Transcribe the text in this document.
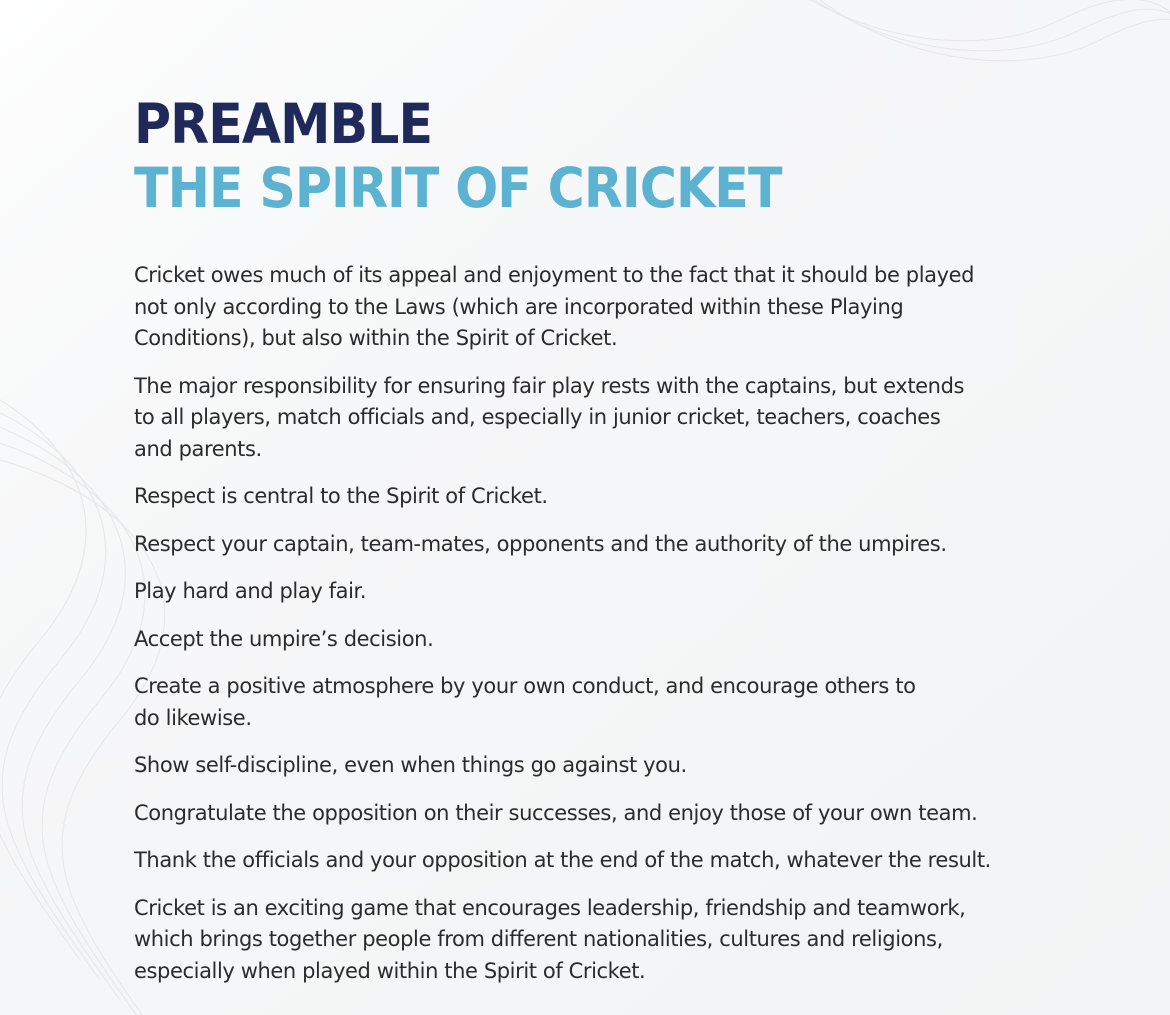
PREAMBLE
THE SPIRIT OF CRICKET

Cricket owes much of its appeal and enjoyment to the fact that it should be played
not only according to the Laws (which are incorporated within these Playing
Conditions), but also within the Spirit of Cricket.

The major responsibility for ensuring fair play rests with the captains, but extends
to all players, match officials and, especially in junior cricket, teachers, coaches
and parents.

Respect is central to the Spirit of Cricket.

Respect your captain, team-mates, opponents and the authority of the umpires.

Play hard and play fair.

Accept the umpire’s decision.

Create a positive atmosphere by your own conduct, and encourage others to
do likewise.

Show self-discipline, even when things go against you.

Congratulate the opposition on their successes, and enjoy those of your own team.

Thank the officials and your opposition at the end of the match, whatever the result.

Cricket is an exciting game that encourages leadership, friendship and teamwork,
which brings together people from different nationalities, cultures and religions,
especially when played within the Spirit of Cricket.
